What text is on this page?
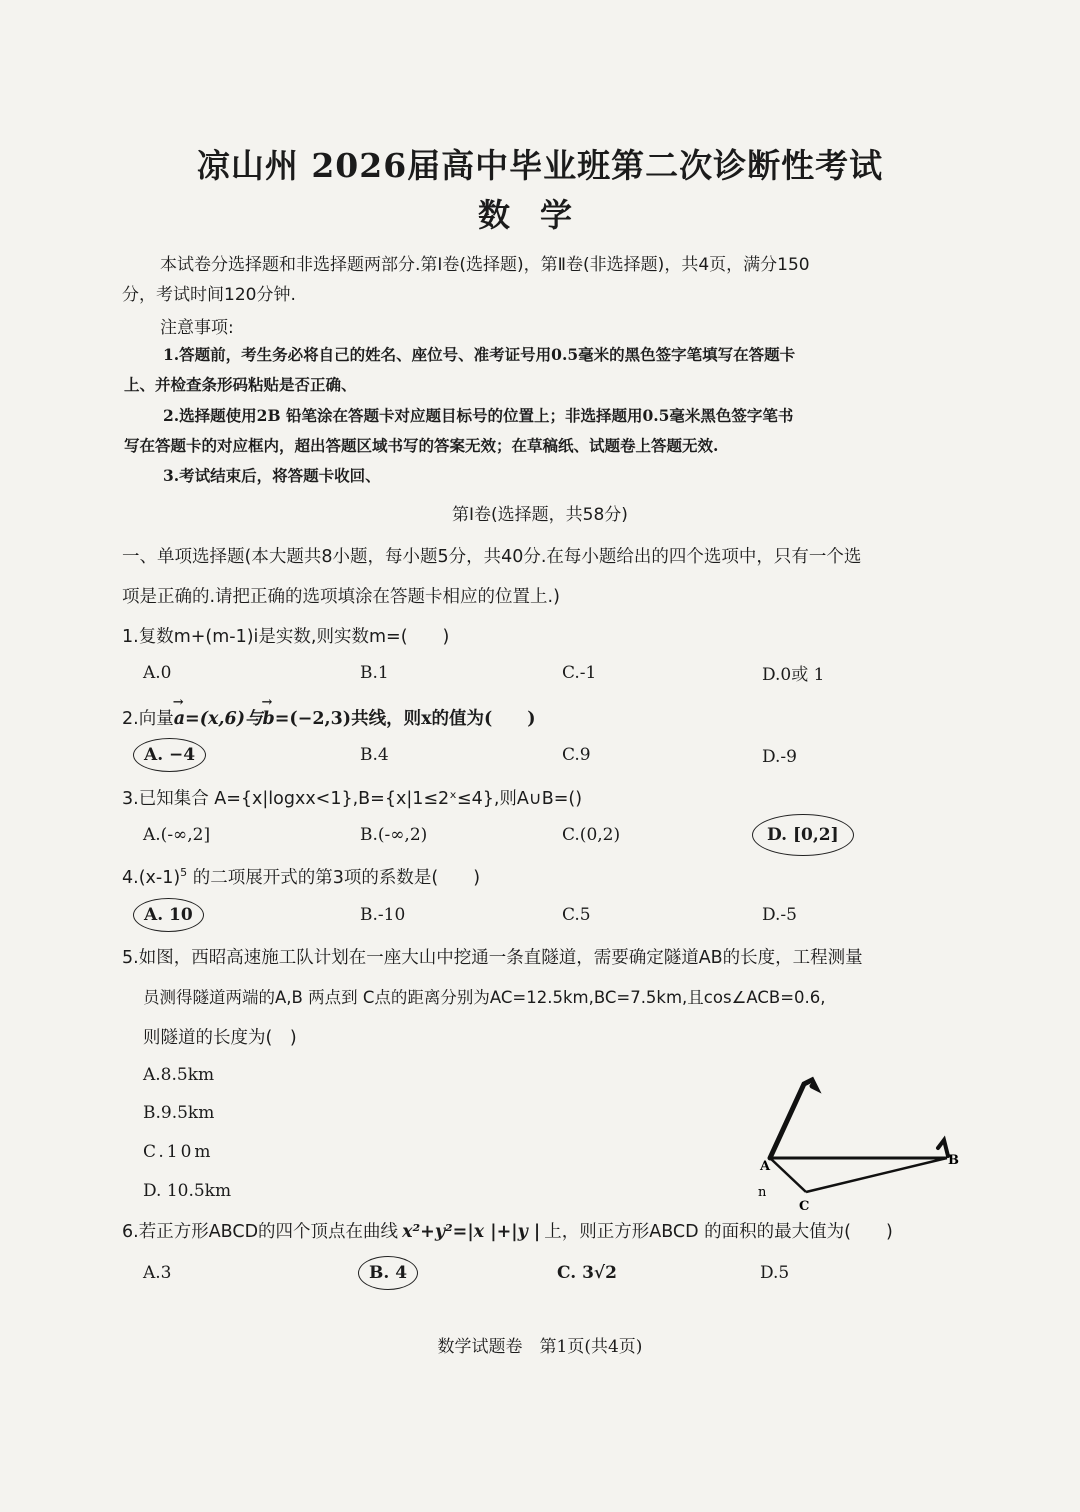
凉山州 2026届高中毕业班第二次诊断性考试
数学
本试卷分选择题和非选择题两部分.第Ⅰ卷(选择题)，第Ⅱ卷(非选择题)，共4页，满分150
分，考试时间120分钟.
注意事项:
1.答题前，考生务必将自己的姓名、座位号、准考证号用0.5毫米的黑色签字笔填写在答题卡
上、并检查条形码粘贴是否正确、
2.选择题使用2B 铅笔涂在答题卡对应题目标号的位置上；非选择题用0.5毫米黑色签字笔书
写在答题卡的对应框内，超出答题区域书写的答案无效；在草稿纸、试题卷上答题无效.
3.考试结束后，将答题卡收回、
第Ⅰ卷(选择题，共58分)
一、单项选择题(本大题共8小题，每小题5分，共40分.在每小题给出的四个选项中，只有一个选
项是正确的.请把正确的选项填涂在答题卡相应的位置上.)
1.复数m+(m-1)i是实数,则实数m=(　　)
A.0	B.1	C.-1	D.0或 1
2.向量
→
a=(x,6)与
→
b=(−2,3)共线，则x的值为(　　)
A. −4	B.4	C.9	D.-9
3.已知集合 A={x|logxx<1},B={x|1≤2ˣ≤4},则A∪B=()
A.(-∞,2]	B.(-∞,2)	C.(0,2)	D. [0,2]
$4.(x-1)^5$ 的二项展开式的第3项的系数是(　　)
A. 10	B.-10	C.5	D.-5
5.如图，西昭高速施工队计划在一座大山中挖通一条直隧道，需要确定隧道AB的长度，工程测量
员测得隧道两端的A,B 两点到 C点的距离分别为AC=12.5km,BC=7.5km,且cos∠ACB=0.6,
则隧道的长度为(　)
A.8.5km
B.9.5km
C.10m
D. 10.5km
A	B
C
n
6.若正方形ABCD的四个顶点在曲线 x²+y²=|x |+|y | 上，则正方形ABCD 的面积的最大值为(　　)
A.3	B. 4	C. 3√2	D.5
数学试题卷　第1页(共4页)
